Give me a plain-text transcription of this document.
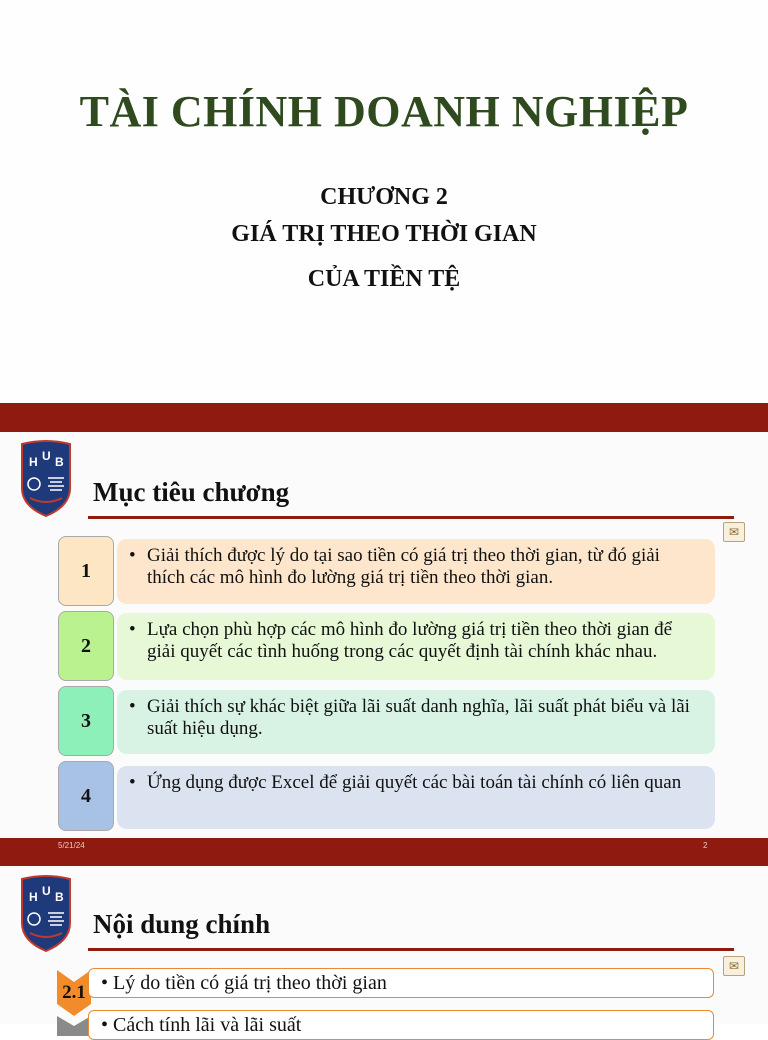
TÀI CHÍNH DOANH NGHIỆP
CHƯƠNG 2
GIÁ TRỊ THEO THỜI GIAN
CỦA TIỀN TỆ
H U B
Mục tiêu chương
✉
1
• Giải thích được lý do tại sao tiền có giá trị theo thời gian, từ đó giải thích các mô hình đo lường giá trị tiền theo thời gian.
2
• Lựa chọn phù hợp các mô hình đo lường giá trị tiền theo thời gian để giải quyết các tình huống trong các quyết định tài chính khác nhau.
3
• Giải thích sự khác biệt giữa lãi suất danh nghĩa, lãi suất phát biểu và lãi suất hiệu dụng.
4
• Ứng dụng được Excel để giải quyết các bài toán tài chính có liên quan
5/21/24	2
H U B
Nội dung chính
✉
2.1 • Lý do tiền có giá trị theo thời gian
• Cách tính lãi và lãi suất
